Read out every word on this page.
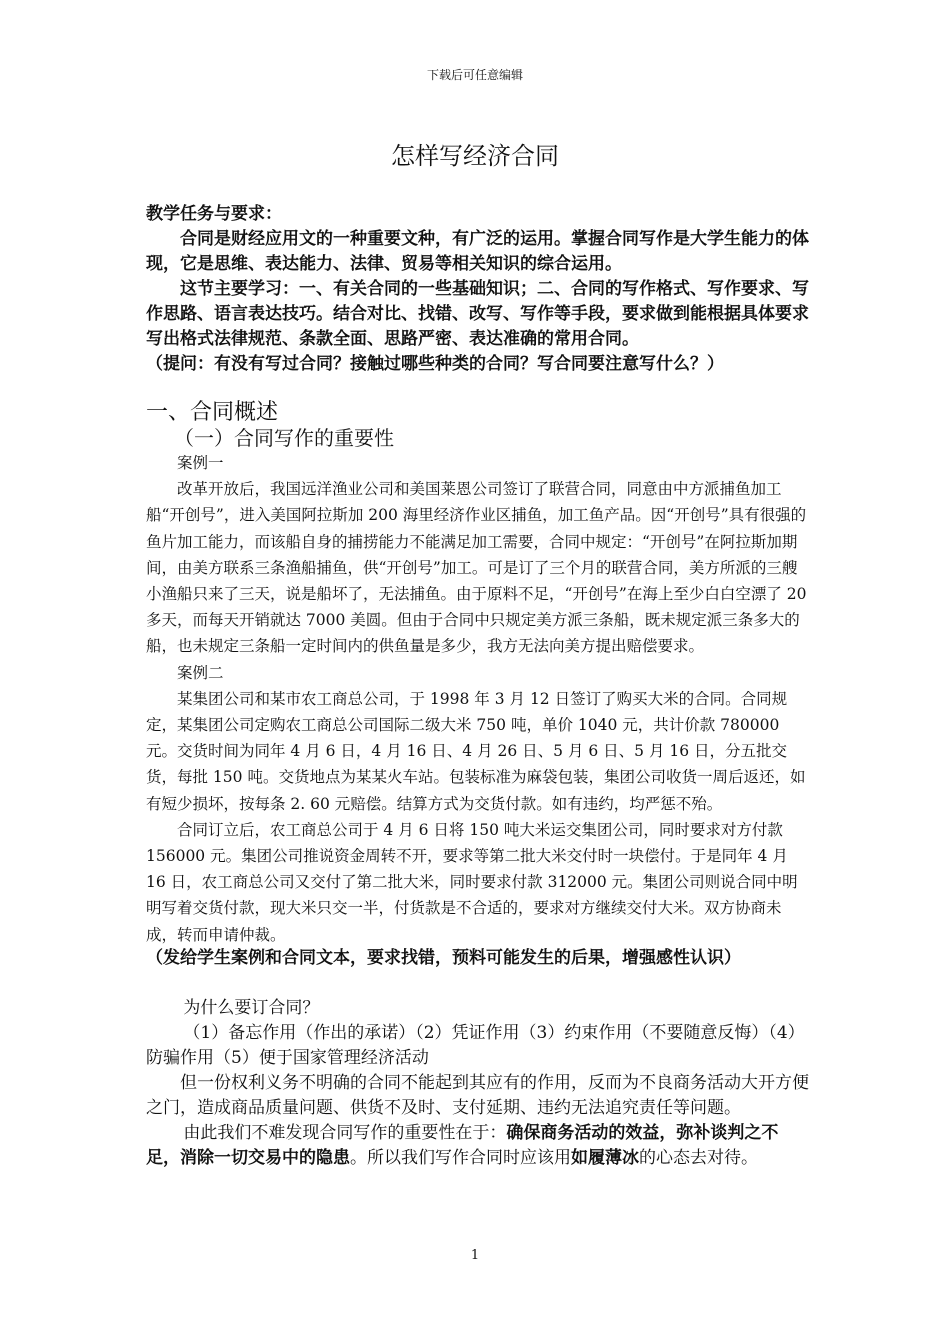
下载后可任意编辑
怎样写经济合同

教学任务与要求：

合同是财经应用文的一种重要文种，有广泛的运用。掌握合同写作是大学生能力的体现，它是思维、表达能力、法律、贸易等相关知识的综合运用。

这节主要学习：一、有关合同的一些基础知识；二、合同的写作格式、写作要求、写作思路、语言表达技巧。结合对比、找错、改写、写作等手段，要求做到能根据具体要求写出格式法律规范、条款全面、思路严密、表达准确的常用合同。

（提问：有没有写过合同？接触过哪些种类的合同？写合同要注意写什么？）

一、合同概述
（一）合同写作的重要性

案例一

改革开放后，我国远洋渔业公司和美国莱恩公司签订了联营合同，同意由中方派捕鱼加工船“开创号”，进入美国阿拉斯加 200 海里经济作业区捕鱼，加工鱼产品。因“开创号”具有很强的鱼片加工能力，而该船自身的捕捞能力不能满足加工需要，合同中规定：“开创号”在阿拉斯加期间，由美方联系三条渔船捕鱼，供“开创号”加工。可是订了三个月的联营合同，美方所派的三艘小渔船只来了三天，说是船坏了，无法捕鱼。由于原料不足，“开创号”在海上至少白白空漂了 20 多天，而每天开销就达 7000 美圆。但由于合同中只规定美方派三条船，既未规定派三条多大的船，也未规定三条船一定时间内的供鱼量是多少，我方无法向美方提出赔偿要求。

案例二

某集团公司和某市农工商总公司，于 1998 年 3 月 12 日签订了购买大米的合同。合同规定，某集团公司定购农工商总公司国际二级大米 750 吨，单价 1040 元，共计价款 780000 元。交货时间为同年 4 月 6 日，4 月 16 日、4 月 26 日、5 月 6 日、5 月 16 日，分五批交货，每批 150 吨。交货地点为某某火车站。包装标准为麻袋包装，集团公司收货一周后返还，如有短少损坏，按每条 2. 60 元赔偿。结算方式为交货付款。如有违约，均严惩不殆。

合同订立后，农工商总公司于 4 月 6 日将 150 吨大米运交集团公司，同时要求对方付款 156000 元。集团公司推说资金周转不开，要求等第二批大米交付时一块偿付。于是同年 4 月 16 日，农工商总公司又交付了第二批大米，同时要求付款 312000 元。集团公司则说合同中明明写着交货付款，现大米只交一半，付货款是不合适的，要求对方继续交付大米。双方协商未成，转而申请仲裁。

（发给学生案例和合同文本，要求找错，预料可能发生的后果，增强感性认识）

为什么要订合同？

（1）备忘作用（作出的承诺）（2）凭证作用（3）约束作用（不要随意反悔）（4）防骗作用（5）便于国家管理经济活动

但一份权利义务不明确的合同不能起到其应有的作用，反而为不良商务活动大开方便之门，造成商品质量问题、供货不及时、支付延期、违约无法追究责任等问题。

由此我们不难发现合同写作的重要性在于：确保商务活动的效益，弥补谈判之不足，消除一切交易中的隐患。所以我们写作合同时应该用如履薄冰的心态去对待。

1
